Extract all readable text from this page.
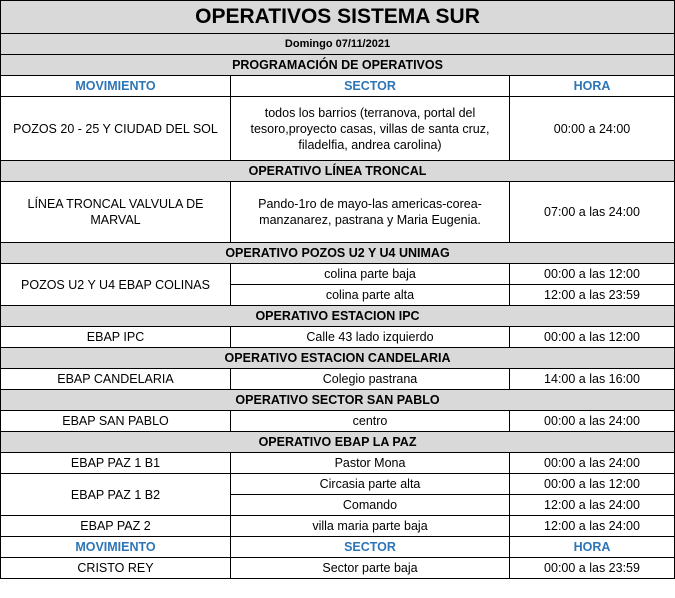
OPERATIVOS SISTEMA SUR		
Domingo 07/11/2021		
PROGRAMACIÓN DE OPERATIVOS		
MOVIMIENTO	SECTOR	HORA
POZOS 20 - 25 Y CIUDAD DEL SOL	todos los barrios (terranova, portal del tesoro,proyecto casas, villas de santa cruz, filadelfia, andrea carolina)	00:00 a 24:00
OPERATIVO LÍNEA TRONCAL		
LÍNEA TRONCAL VALVULA DE MARVAL	Pando-1ro de mayo-las americas-corea-manzanarez, pastrana y Maria Eugenia.	07:00 a las 24:00
OPERATIVO POZOS U2 Y U4 UNIMAG		
POZOS U2 Y U4 EBAP COLINAS	colina parte baja	00:00 a las 12:00
	colina parte alta	12:00 a las 23:59
OPERATIVO ESTACION IPC		
EBAP IPC	Calle 43 lado izquierdo	00:00 a las 12:00
OPERATIVO ESTACION CANDELARIA		
EBAP CANDELARIA	Colegio pastrana	14:00 a las 16:00
OPERATIVO SECTOR SAN PABLO		
EBAP SAN PABLO	centro	00:00 a las 24:00
OPERATIVO EBAP LA PAZ		
EBAP PAZ 1 B1	Pastor Mona	00:00 a las 24:00
EBAP PAZ 1 B2	Circasia parte alta	00:00 a las 12:00
	Comando	12:00 a las 24:00
EBAP PAZ 2	villa maria parte baja	12:00 a las 24:00
MOVIMIENTO	SECTOR	HORA
CRISTO REY	Sector parte baja	00:00 a las 23:59
